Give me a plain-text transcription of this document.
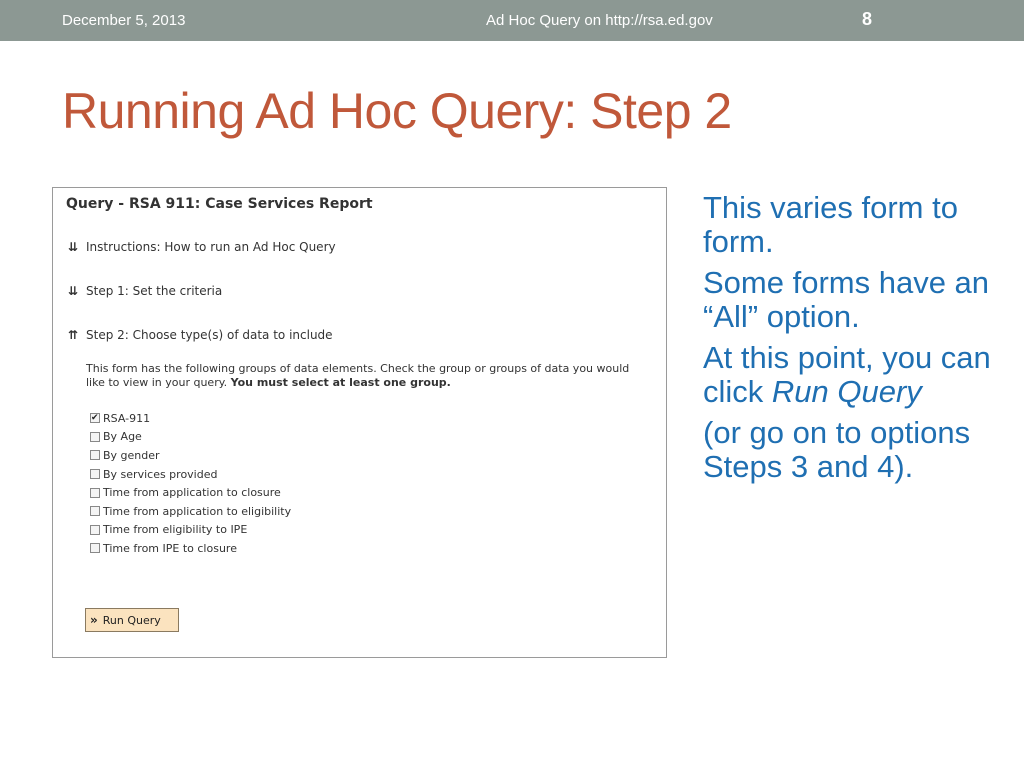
December 5, 2013	Ad Hoc Query on http://rsa.ed.gov	8
Running Ad Hoc Query: Step 2
Query - RSA 911: Case Services Report
⇊ Instructions: How to run an Ad Hoc Query
⇊ Step 1: Set the criteria
⇈ Step 2: Choose type(s) of data to include
This form has the following groups of data elements. Check the group or groups of data you would like to view in your query. You must select at least one group.
✔
RSA-911
By Age
By gender
By services provided
Time from application to closure
Time from application to eligibility
Time from eligibility to IPE
Time from IPE to closure
» Run Query

This varies form to form.

Some forms have an “All” option.

At this point, you can click Run Query

(or go on to options Steps 3 and 4).
